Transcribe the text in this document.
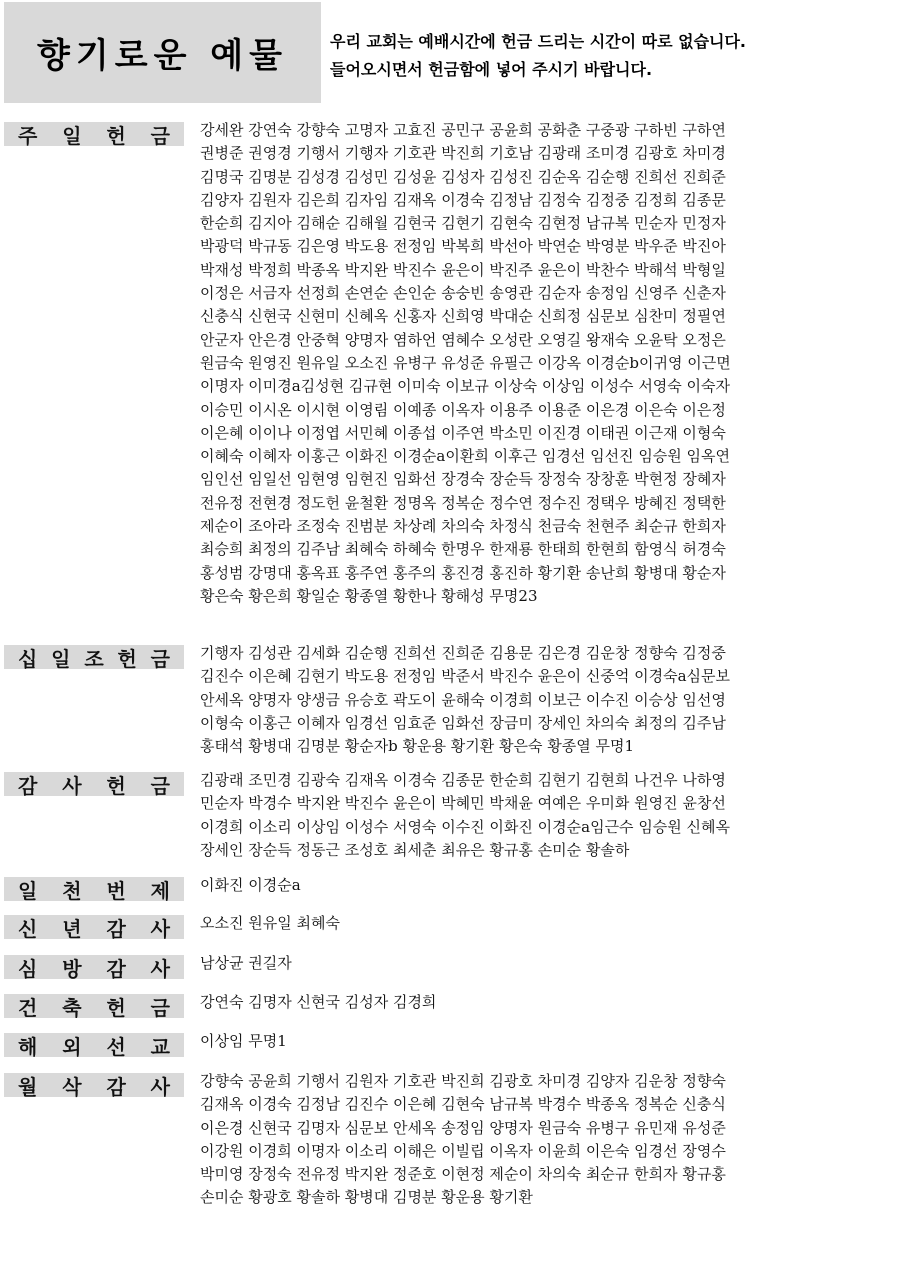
향기로운 예물	우리 교회는 예배시간에 헌금 드리는 시간이 따로 없습니다.
들어오시면서 헌금함에 넣어 주시기 바랍니다.
주 일 헌 금 강세완 강연숙 강향숙 고명자 고효진 공민구 공윤희 공화춘 구중광 구하빈 구하연
권병준 권영경 기행서 기행자 기호관 박진희 기호남 김광래 조미경 김광호 차미경
김명국 김명분 김성경 김성민 김성윤 김성자 김성진 김순옥 김순행 진희선 진희준
김양자 김원자 김은희 김자임 김재옥 이경숙 김정남 김정숙 김정중 김정희 김종문
한순희 김지아 김해순 김해월 김현국 김현기 김현숙 김현정 남규복 민순자 민정자
박광덕 박규동 김은영 박도용 전정임 박복희 박선아 박연순 박영분 박우준 박진아
박재성 박정희 박종옥 박지완 박진수 윤은이 박진주 윤은이 박찬수 박해석 박형일
이정은 서금자 선정희 손연순 손인순 송숭빈 송영관 김순자 송정임 신영주 신춘자
신충식 신현국 신현미 신혜옥 신홍자 신희영 박대순 신희정 심문보 심찬미 정필연
안군자 안은경 안중혁 양명자 염하언 염혜수 오성란 오영길 왕재숙 오윤탁 오정은
원금숙 원영진 원유일 오소진 유병구 유성준 유필근 이강옥 이경순b이귀영 이근면
이명자 이미경a김성현 김규현 이미숙 이보규 이상숙 이상임 이성수 서영숙 이숙자
이승민 이시온 이시현 이영림 이예종 이옥자 이용주 이용준 이은경 이은숙 이은정
이은혜 이이나 이정엽 서민혜 이종섭 이주연 박소민 이진경 이태권 이근재 이형숙
이혜숙 이혜자 이홍근 이화진 이경순a이환희 이후근 임경선 임선진 임승원 임옥연
임인선 임일선 임현영 임현진 임화선 장경숙 장순득 장정숙 장창훈 박현정 장혜자
전유정 전현경 정도헌 윤철환 정명옥 정복순 정수연 정수진 정택우 방혜진 정택한
제순이 조아라 조정숙 진범분 차상례 차의숙 차정식 천금숙 천현주 최순규 한희자
최승희 최정의 김주남 최혜숙 하혜숙 한명우 한재룡 한태희 한현희 함영식 허경숙
홍성범 강명대 홍옥표 홍주연 홍주의 홍진경 홍진하 황기환 송난희 황병대 황순자
황은숙 황은희 황일순 황종열 황한나 황해성 무명23
십 일 조 헌 금 기행자 김성관 김세화 김순행 진희선 진희준 김용문 김은경 김운창 정향숙 김정중
김진수 이은혜 김현기 박도용 전정임 박준서 박진수 윤은이 신중억 이경숙a심문보
안세옥 양명자 양생금 유승호 곽도이 윤해숙 이경희 이보근 이수진 이승상 임선영
이형숙 이홍근 이혜자 임경선 임효준 임화선 장금미 장세인 차의숙 최정의 김주남
홍태석 황병대 김명분 황순자b 황운용 황기환 황은숙 황종열 무명1
감 사 헌 금 김광래 조민경 김광숙 김재옥 이경숙 김종문 한순희 김현기 김현희 나건우 나하영
민순자 박경수 박지완 박진수 윤은이 박혜민 박채윤 여예은 우미화 원영진 윤창선
이경희 이소리 이상임 이성수 서영숙 이수진 이화진 이경순a임근수 임승원 신혜옥
장세인 장순득 정동근 조성호 최세춘 최유은 황규홍 손미순 황솔하
일 천 번 제 이화진 이경순a
신 년 감 사 오소진 원유일 최혜숙
심 방 감 사 남상균 권길자
건 축 헌 금 강연숙 김명자 신현국 김성자 김경희
해 외 선 교 이상임 무명1
월 삭 감 사 강향숙 공윤희 기행서 김원자 기호관 박진희 김광호 차미경 김양자 김운창 정향숙
김재옥 이경숙 김정남 김진수 이은혜 김현숙 남규복 박경수 박종옥 정복순 신충식
이은경 신현국 김명자 심문보 안세옥 송정임 양명자 원금숙 유병구 유민재 유성준
이강원 이경희 이명자 이소리 이해은 이빌립 이옥자 이윤희 이은숙 임경선 장영수
박미영 장정숙 전유정 박지완 정준호 이현정 제순이 차의숙 최순규 한희자 황규홍
손미순 황광호 황솔하 황병대 김명분 황운용 황기환
